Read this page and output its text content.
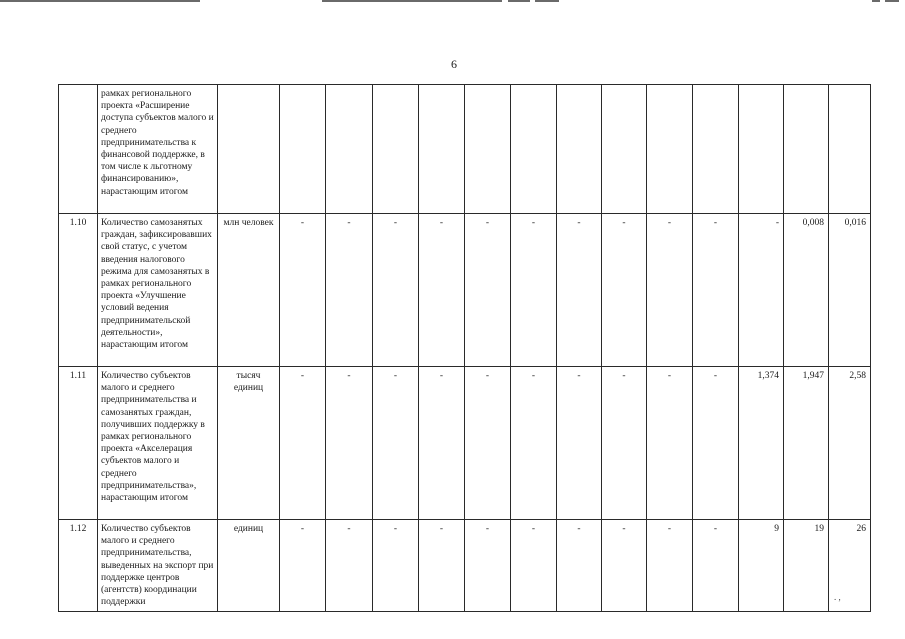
6
	рамках регионального проекта «Расширение доступа субъектов малого и среднего предпринимательства к финансовой поддержке, в том числе к льготному финансированию», нарастающим итогом														
1.10	Количество самозанятых граждан, зафиксировавших свой статус, с учетом введения налогового режима для самозанятых в рамках регионального проекта «Улучшение условий ведения предпринимательской деятельности», нарастающим итогом	млн человек	-	-	-	-	-	-	-	-	-	-	-	0,008	0,016
1.11	Количество субъектов малого и среднего предпринимательства и самозанятых граждан, получивших поддержку в рамках регионального проекта «Акселерация субъектов малого и среднего предпринимательства», нарастающим итогом	тысяч единиц	-	-	-	-	-	-	-	-	-	-	1,374	1,947	2,58
1.12	Количество субъектов малого и среднего предпринимательства, выведенных на экспорт при поддержке центров (агентств) координации поддержки	единиц	-	-	-	-	-	-	-	-	-	-	9	19	26
. ,
